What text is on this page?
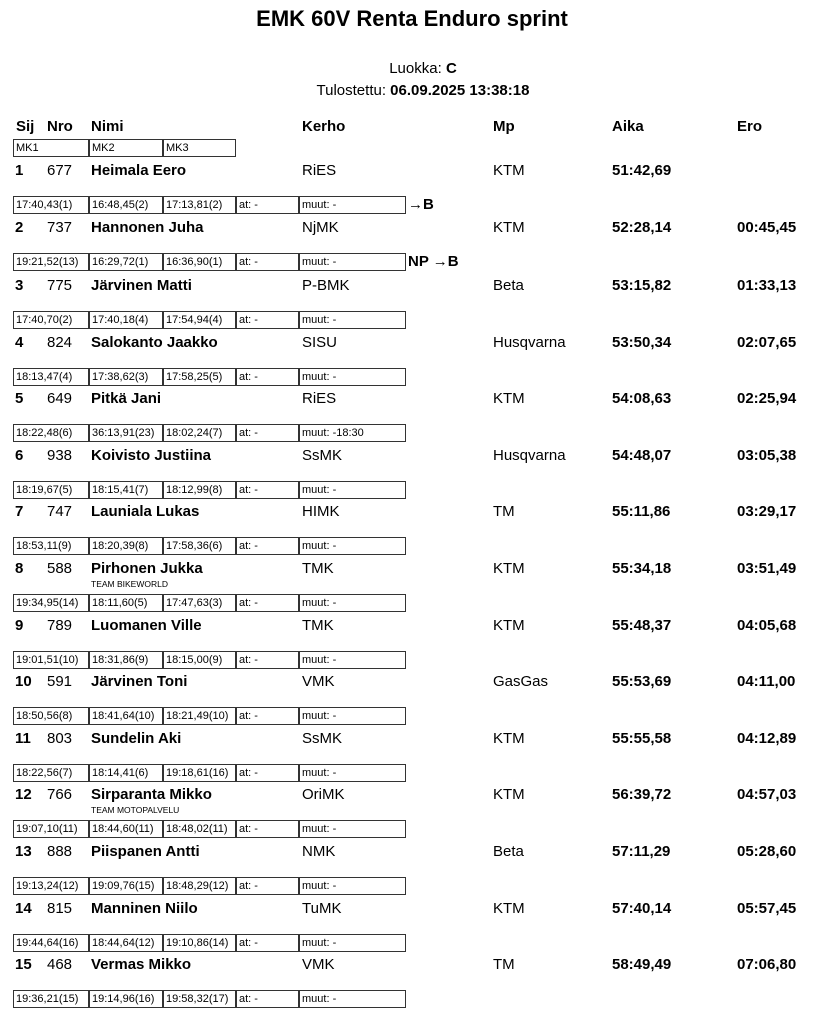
EMK 60V Renta Enduro sprint
Luokka: C
Tulostettu: 06.09.2025 13:38:18
Sij Nro Nimi	Kerho	Mp	Aika	Ero
MK1	MK2	MK3
1 677 Heimala Eero	RiES	KTM	51:42,69
17:40,43(1)	16:48,45(2)	17:13,81(2)	at: -	muut: -	→B
2 737 Hannonen Juha	NjMK	KTM	52:28,14	00:45,45
19:21,52(13)	16:29,72(1)	16:36,90(1)	at: -	muut: -	NP →B
3 775 Järvinen Matti	P-BMK	Beta	53:15,82	01:33,13
17:40,70(2)	17:40,18(4)	17:54,94(4)	at: -	muut: -
4 824 Salokanto Jaakko	SISU	Husqvarna	53:50,34	02:07,65
18:13,47(4)	17:38,62(3)	17:58,25(5)	at: -	muut: -
5 649 Pitkä Jani	RiES	KTM	54:08,63	02:25,94
18:22,48(6)	36:13,91(23)	18:02,24(7)	at: -	muut: -18:30
6 938 Koivisto Justiina	SsMK	Husqvarna	54:48,07	03:05,38
18:19,67(5)	18:15,41(7)	18:12,99(8)	at: -	muut: -
7 747 Launiala Lukas	HIMK	TM	55:11,86	03:29,17
18:53,11(9)	18:20,39(8)	17:58,36(6)	at: -	muut: -
8 588 Pirhonen Jukka	TMK	KTM	55:34,18	03:51,49
TEAM BIKEWORLD
19:34,95(14)	18:11,60(5)	17:47,63(3)	at: -	muut: -
9 789 Luomanen Ville	TMK	KTM	55:48,37	04:05,68
19:01,51(10)	18:31,86(9)	18:15,00(9)	at: -	muut: -
10 591 Järvinen Toni	VMK	GasGas	55:53,69	04:11,00
18:50,56(8)	18:41,64(10)	18:21,49(10) at: -	muut: -
11 803 Sundelin Aki	SsMK	KTM	55:55,58	04:12,89
18:22,56(7)	18:14,41(6)	19:18,61(16) at: -	muut: -
12 766 Sirparanta Mikko	OriMK	KTM	56:39,72	04:57,03
TEAM MOTOPALVELU
19:07,10(11)	18:44,60(11)	18:48,02(11)	at: -	muut: -
13 888 Piispanen Antti	NMK	Beta	57:11,29	05:28,60
19:13,24(12)	19:09,76(15)	18:48,29(12) at: -	muut: -
14 815 Manninen Niilo	TuMK	KTM	57:40,14	05:57,45
19:44,64(16)	18:44,64(12)	19:10,86(14) at: -	muut: -
15 468 Vermas Mikko	VMK	TM	58:49,49	07:06,80
19:36,21(15)	19:14,96(16)	19:58,32(17) at: -	muut: -
